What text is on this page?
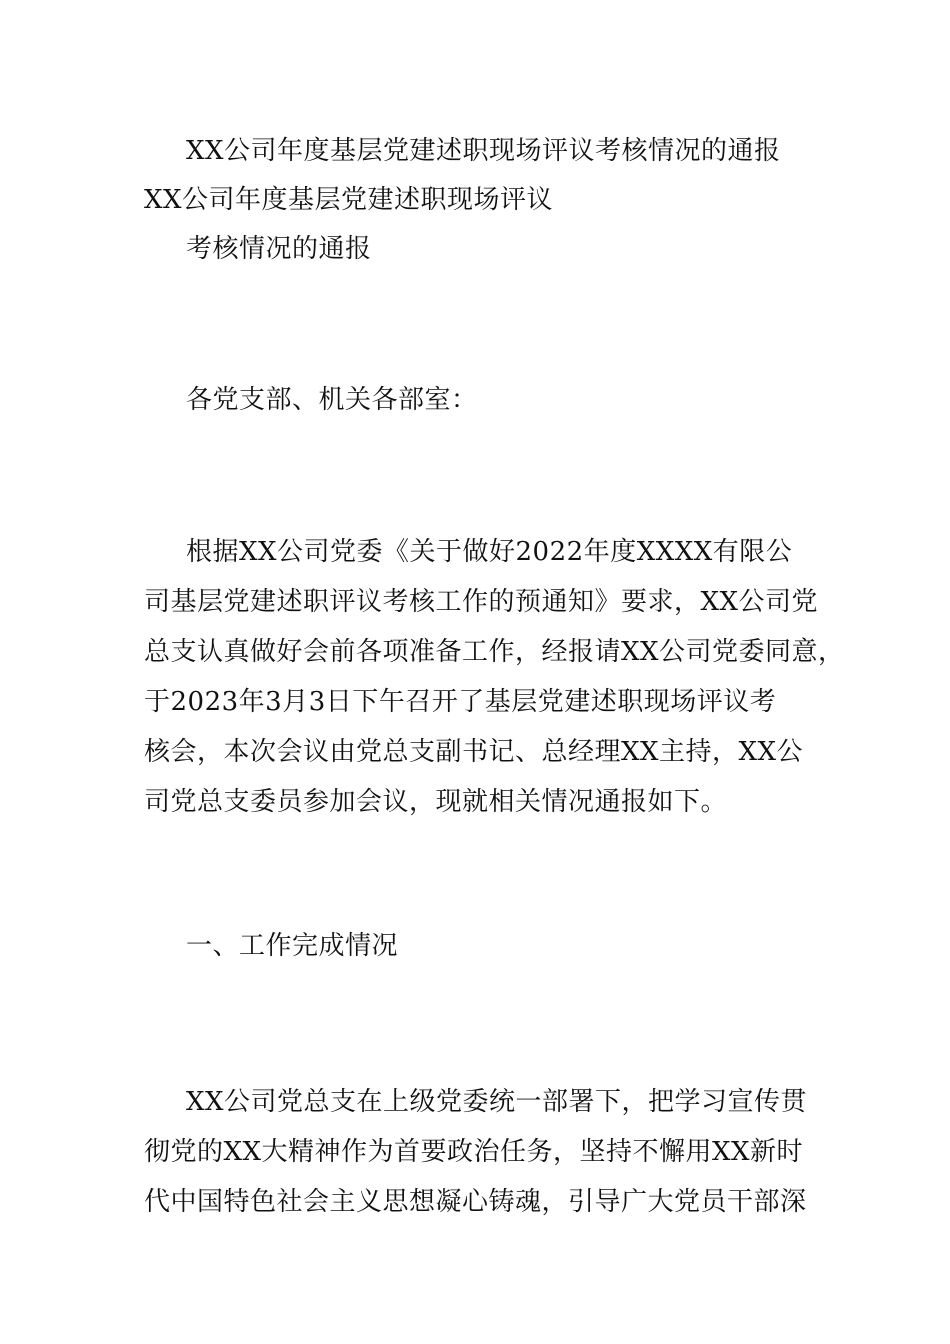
XX公司年度基层党建述职现场评议考核情况的通报
XX公司年度基层党建述职现场评议
考核情况的通报
各党支部、机关各部室：
根据XX公司党委《关于做好2022年度XXXX有限公
司基层党建述职评议考核工作的预通知》要求，XX公司党
总支认真做好会前各项准备工作，经报请XX公司党委同意，
于2023年3月3日下午召开了基层党建述职现场评议考
核会，本次会议由党总支副书记、总经理XX主持，XX公
司党总支委员参加会议，现就相关情况通报如下。
一、工作完成情况
XX公司党总支在上级党委统一部署下，把学习宣传贯
彻党的XX大精神作为首要政治任务，坚持不懈用XX新时
代中国特色社会主义思想凝心铸魂，引导广大党员干部深
